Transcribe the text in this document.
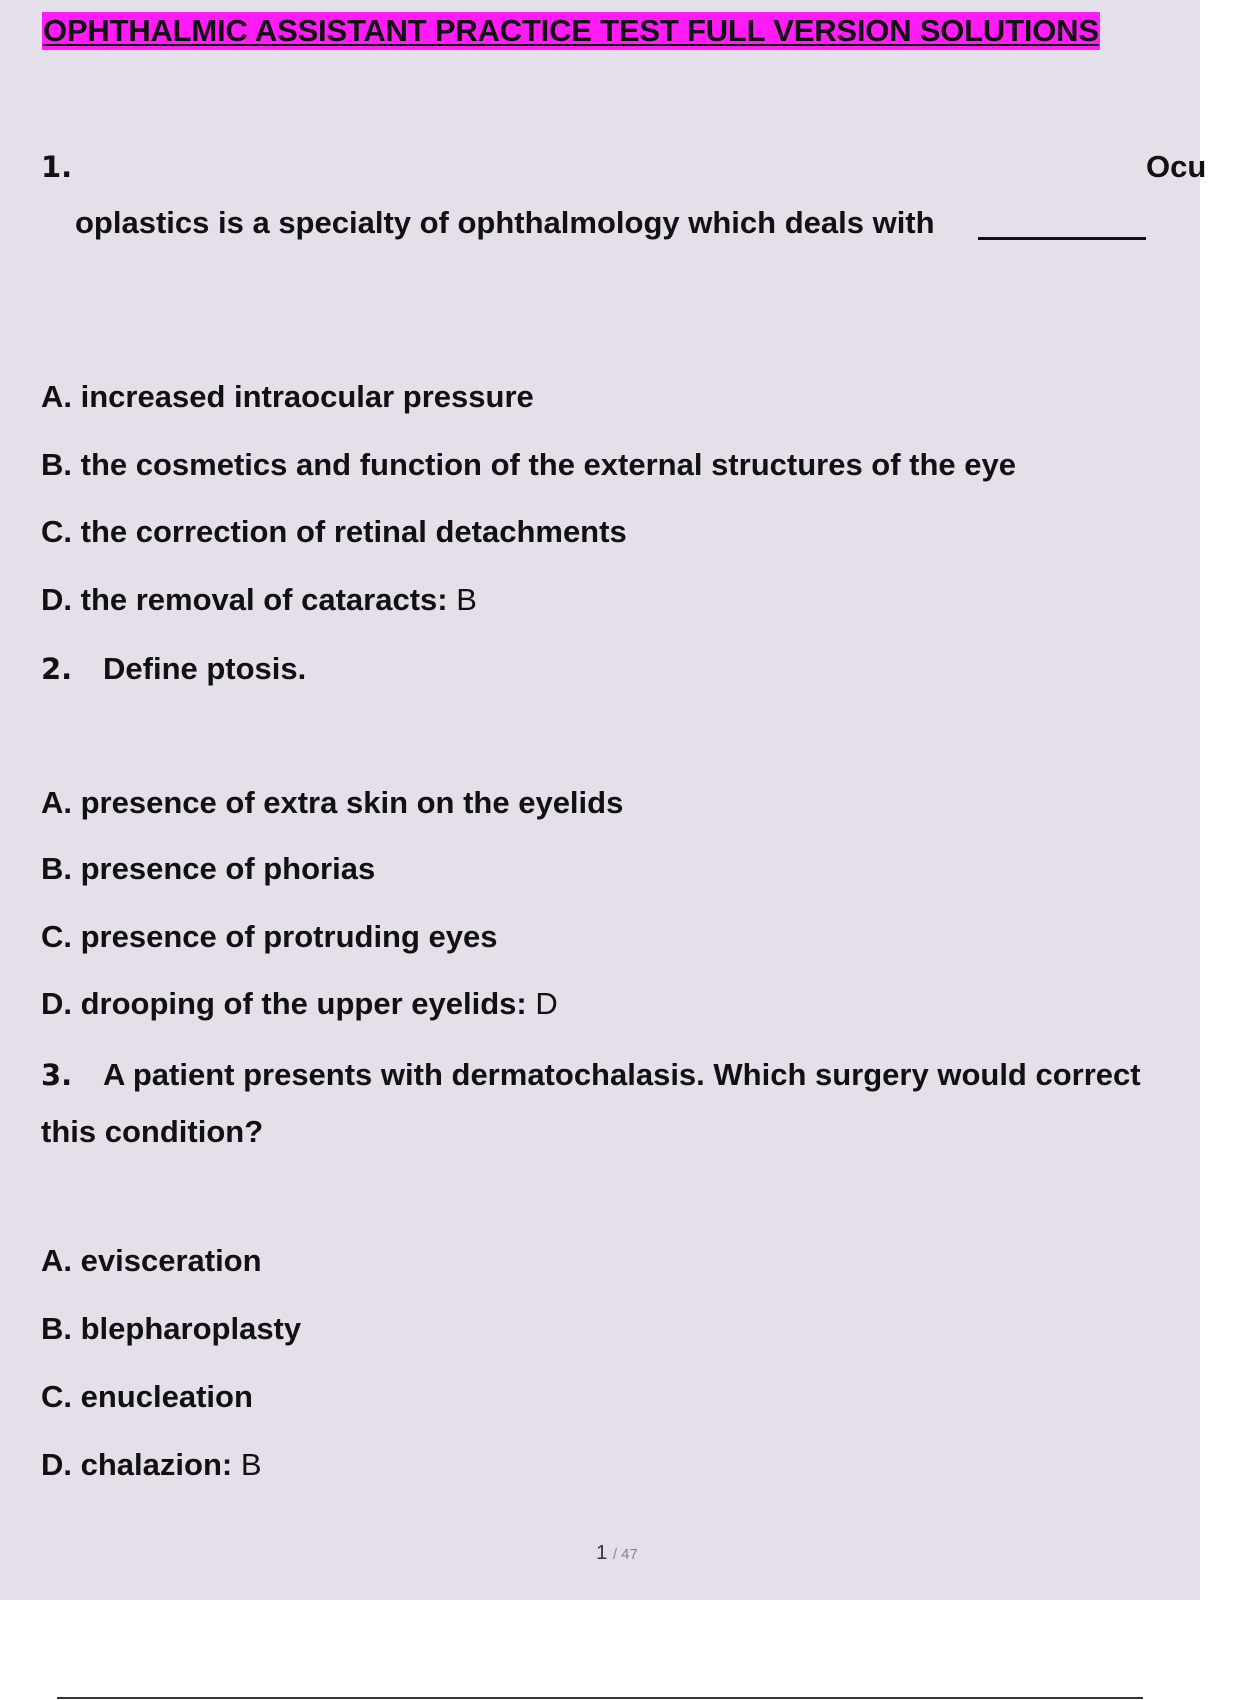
OPHTHALMIC ASSISTANT PRACTICE TEST FULL VERSION SOLUTIONS
1.	Ocu
oplastics is a specialty of ophthalmology which deals with
A. increased intraocular pressure
B. the cosmetics and function of the external structures of the eye
C. the correction of retinal detachments
D. the removal of cataracts: B
2. Define ptosis.
A. presence of extra skin on the eyelids
B. presence of phorias
C. presence of protruding eyes
D. drooping of the upper eyelids: D
3. A patient presents with dermatochalasis. Which surgery would correct
this condition?
A. evisceration
B. blepharoplasty
C. enucleation
D. chalazion: B
1 / 47
